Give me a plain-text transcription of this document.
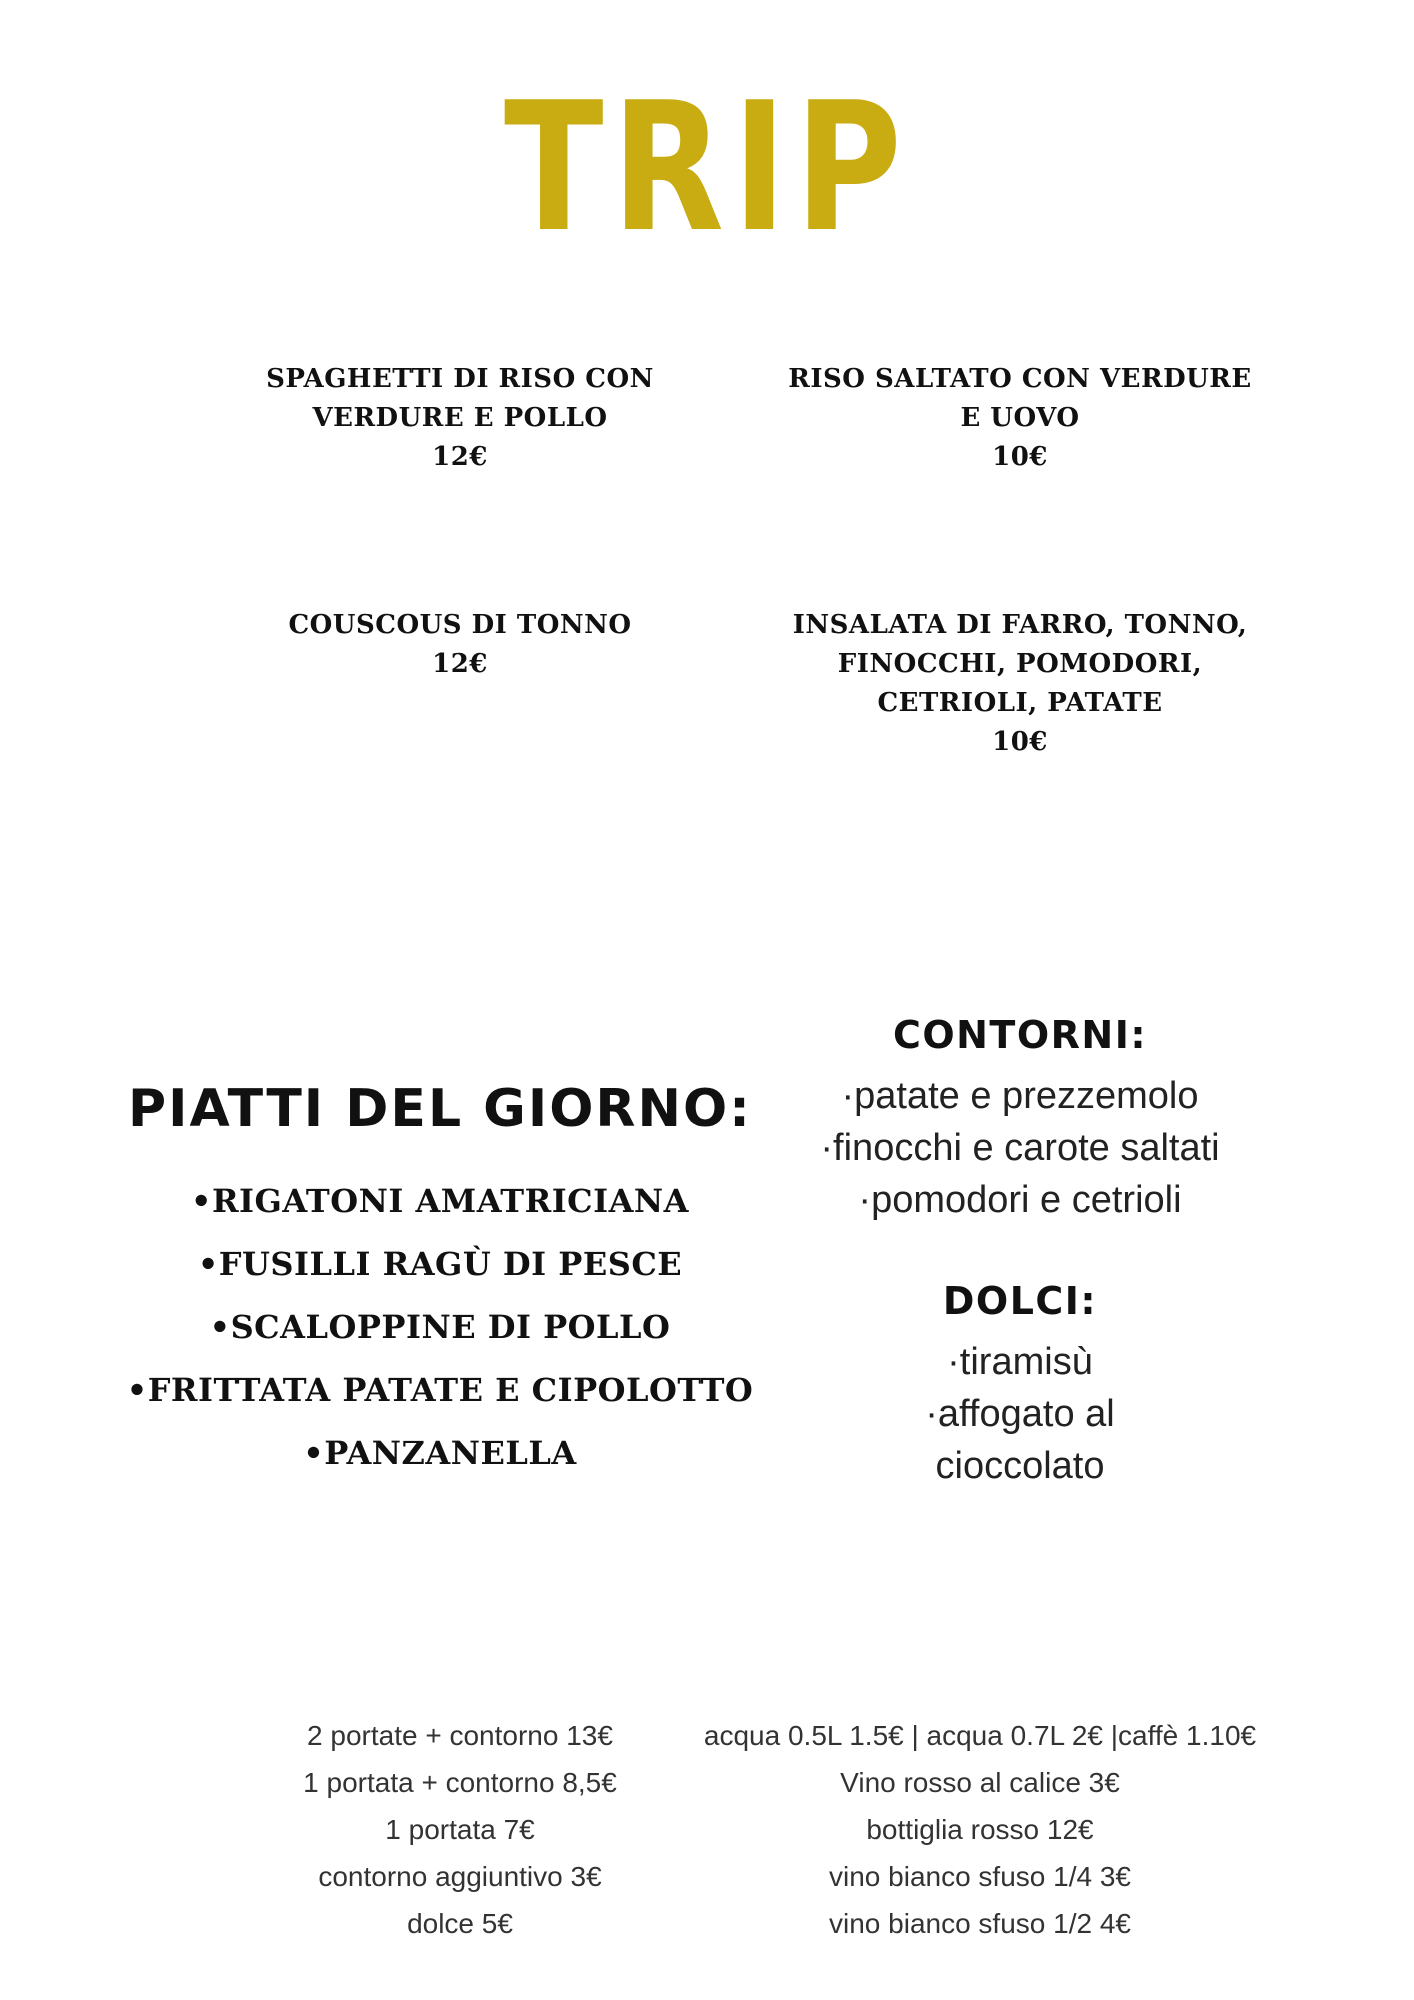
TRIP
SPAGHETTI DI RISO CON
VERDURE E POLLO
12€
RISO SALTATO CON VERDURE
E UOVO
10€
COUSCOUS DI TONNO
12€
INSALATA DI FARRO, TONNO,
FINOCCHI, POMODORI,
CETRIOLI, PATATE
10€
PIATTI DEL GIORNO:
•RIGATONI AMATRICIANA
•FUSILLI RAGÙ DI PESCE
•SCALOPPINE DI POLLO
•FRITTATA PATATE E CIPOLOTTO
•PANZANELLA
CONTORNI:
·patate e prezzemolo
·finocchi e carote saltati
·pomodori e cetrioli
DOLCI:
·tiramisù
·affogato al
cioccolato
2 portate + contorno 13€
1 portata + contorno 8,5€
1 portata 7€
contorno aggiuntivo 3€
dolce 5€
acqua 0.5L 1.5€ | acqua 0.7L 2€ |caffè 1.10€
Vino rosso al calice 3€
bottiglia rosso 12€
vino bianco sfuso 1/4 3€
vino bianco sfuso 1/2 4€
